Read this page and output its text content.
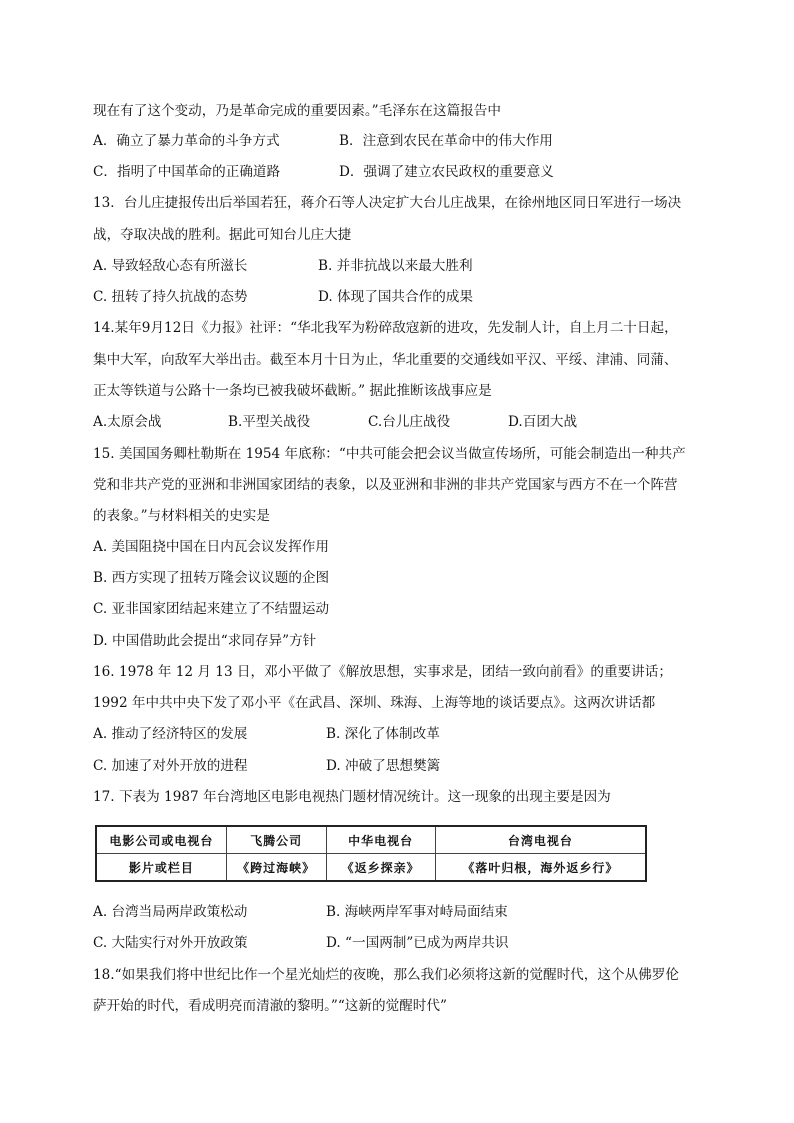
现在有了这个变动，乃是革命完成的重要因素。”毛泽东在这篇报告中
A．确立了暴力革命的斗争方式	B．注意到农民在革命中的伟大作用
C．指明了中国革命的正确道路	D．强调了建立农民政权的重要意义
13．台儿庄捷报传出后举国若狂，蒋介石等人决定扩大台儿庄战果，在徐州地区同日军进行一场决
战，夺取决战的胜利。据此可知台儿庄大捷
A. 导致轻敌心态有所滋长	B. 并非抗战以来最大胜利
C. 扭转了持久抗战的态势	D. 体现了国共合作的成果
14.某年9月12日《力报》社评：“华北我军为粉碎敌寇新的进攻，先发制人计，自上月二十日起，
集中大军，向敌军大举出击。截至本月十日为止，华北重要的交通线如平汉、平绥、津浦、同蒲、
正太等铁道与公路十一条均已被我破坏截断。” 据此推断该战事应是
A.太原会战	B.平型关战役	C.台儿庄战役	D.百团大战
15. 美国国务卿杜勒斯在 1954 年底称：“中共可能会把会议当做宣传场所，可能会制造出一种共产
党和非共产党的亚洲和非洲国家团结的表象，以及亚洲和非洲的非共产党国家与西方不在一个阵营
的表象。”与材料相关的史实是
A. 美国阻挠中国在日内瓦会议发挥作用
B. 西方实现了扭转万隆会议议题的企图
C. 亚非国家团结起来建立了不结盟运动
D. 中国借助此会提出“求同存异”方针
16. 1978 年 12 月 13 日，邓小平做了《解放思想，实事求是，团结一致向前看》的重要讲话；
1992 年中共中央下发了邓小平《在武昌、深圳、珠海、上海等地的谈话要点》。这两次讲话都
A. 推动了经济特区的发展	B. 深化了体制改革
C. 加速了对外开放的进程	D. 冲破了思想樊篱
17. 下表为 1987 年台湾地区电影电视热门题材情况统计。这一现象的出现主要是因为
电影公司或电视台	飞腾公司	中华电视台	台湾电视台
影片或栏目	《跨过海峡》	《返乡探亲》	《落叶归根，海外返乡行》
A. 台湾当局两岸政策松动	B. 海峡两岸军事对峙局面结束
C. 大陆实行对外开放政策	D. “一国两制”已成为两岸共识
18.“如果我们将中世纪比作一个星光灿烂的夜晚，那么我们必须将这新的觉醒时代，这个从佛罗伦
萨开始的时代，看成明亮而清澈的黎明。”“这新的觉醒时代”
